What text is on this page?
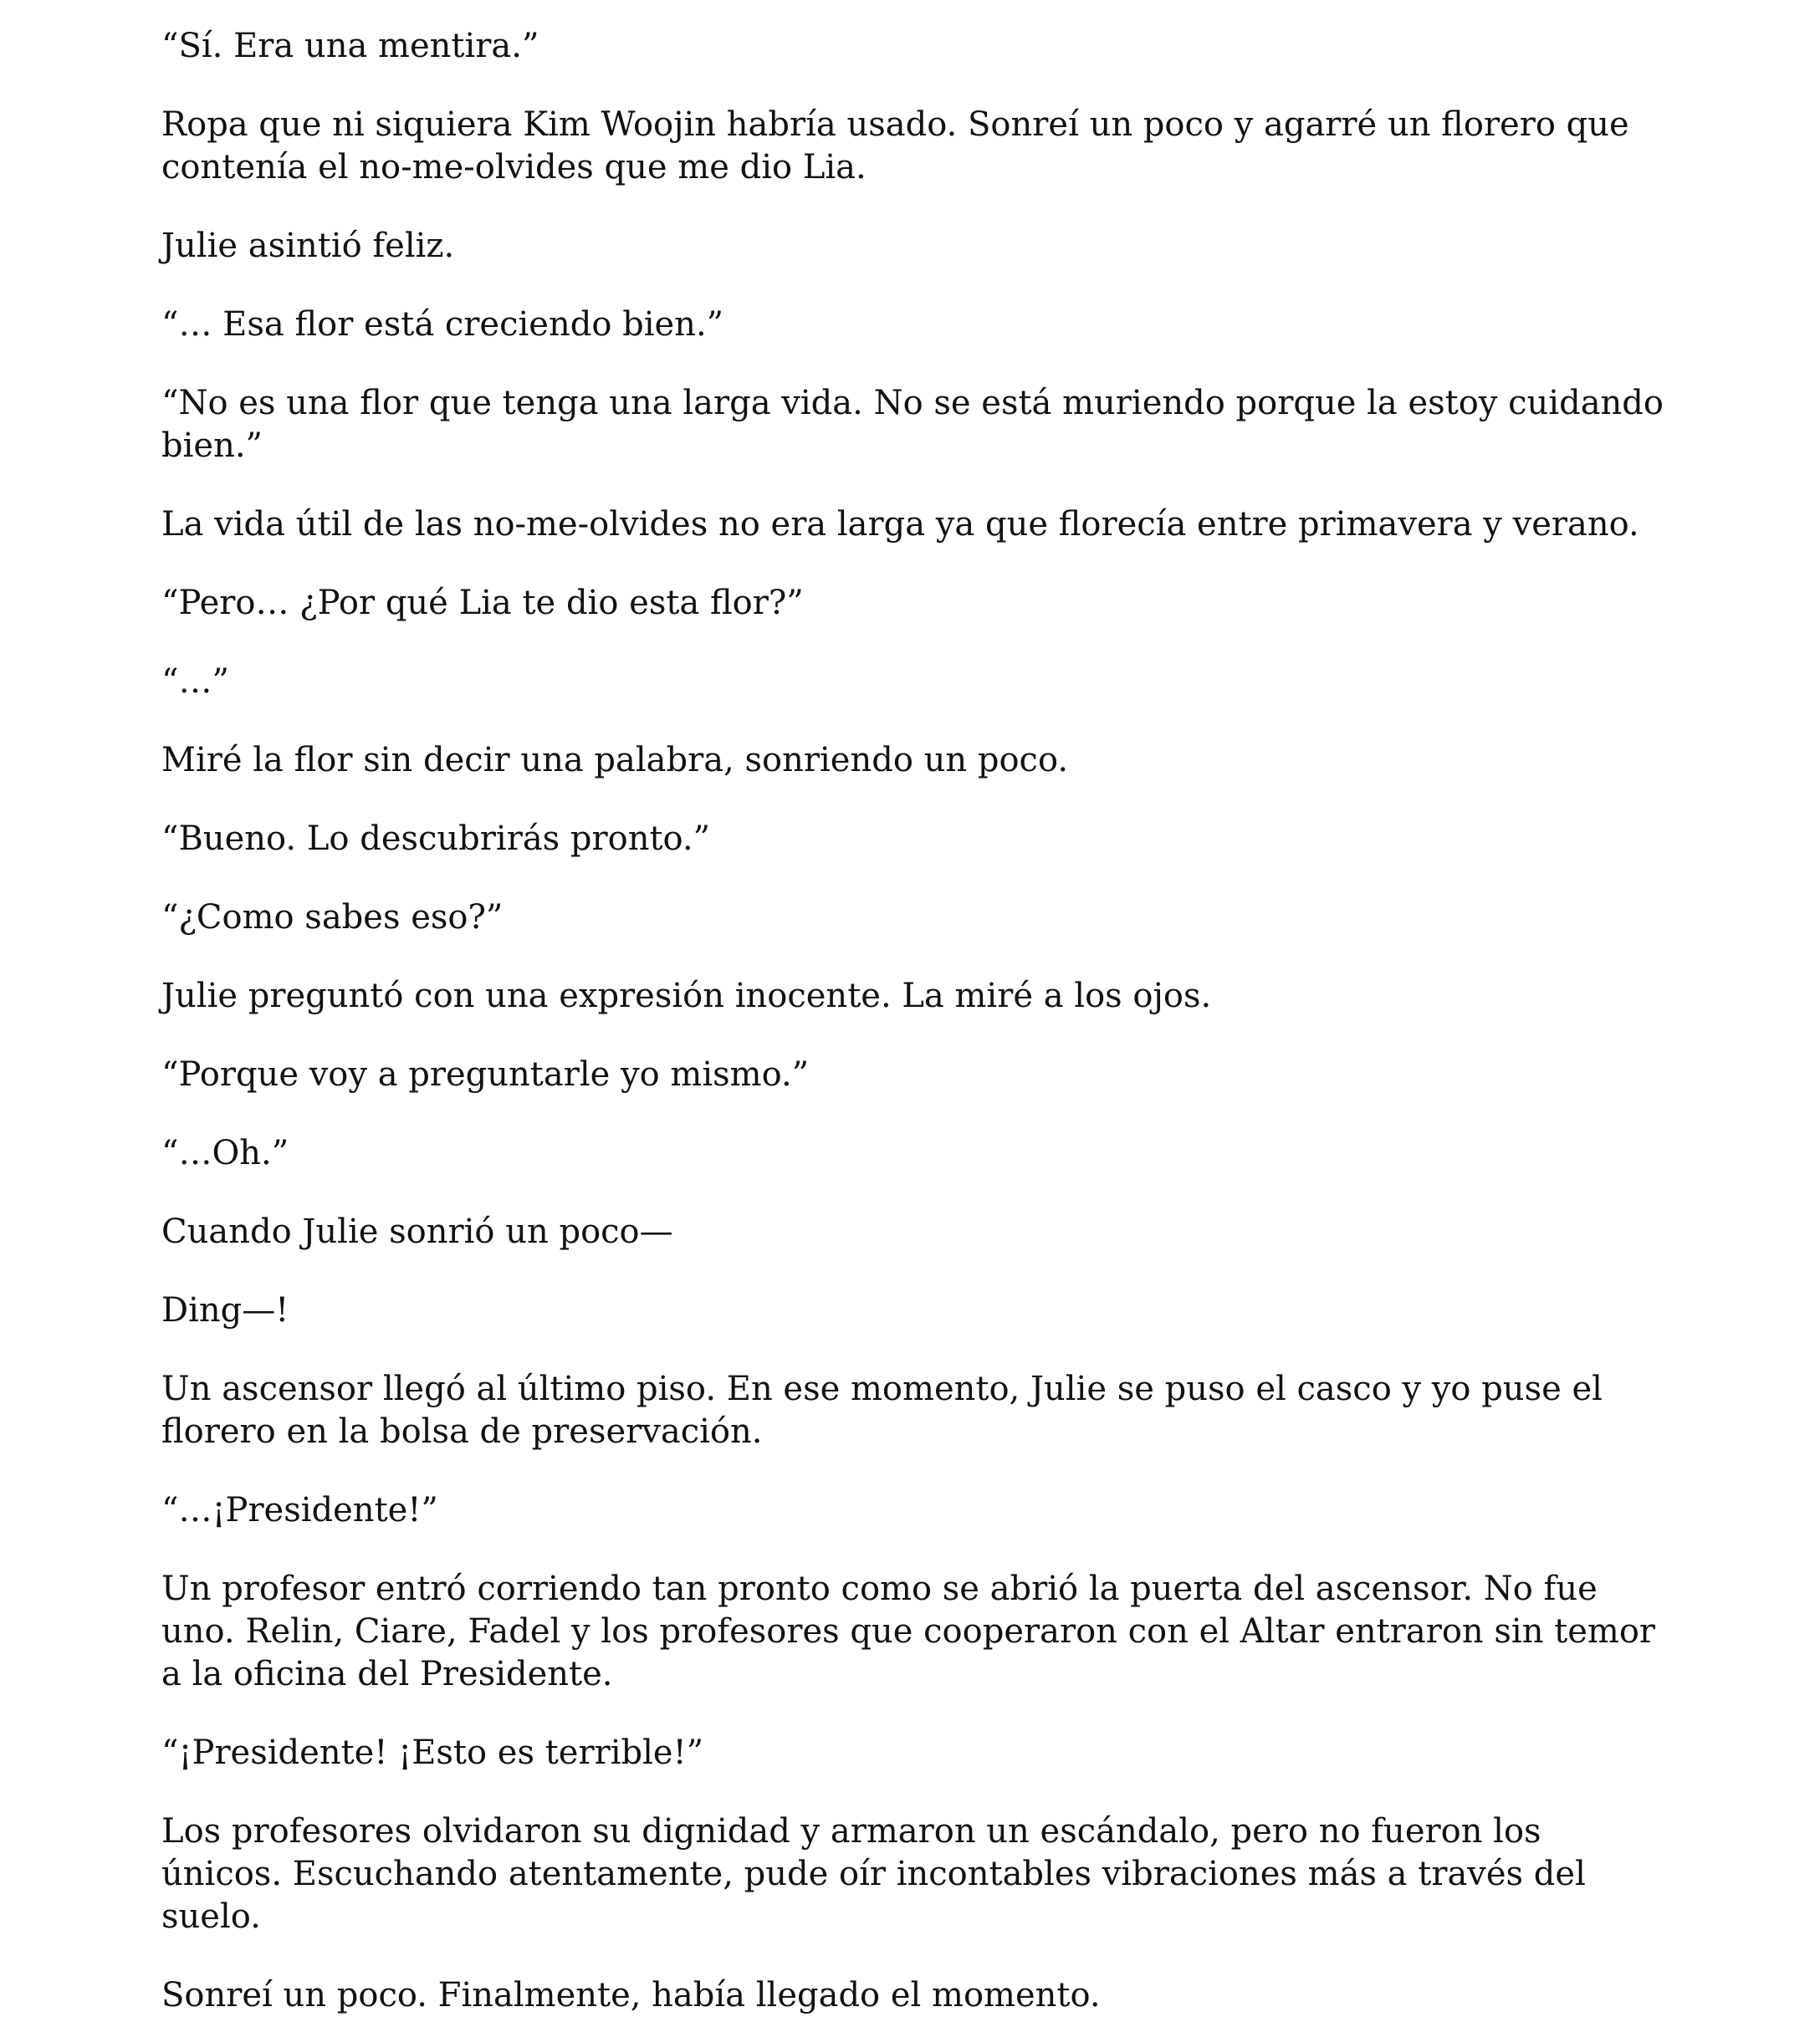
“Sí. Era una mentira.”

Ropa que ni siquiera Kim Woojin habría usado. Sonreí un poco y agarré un florero que contenía el no-me-olvides que me dio Lia.

Julie asintió feliz.

“… Esa flor está creciendo bien.”

“No es una flor que tenga una larga vida. No se está muriendo porque la estoy cuidando bien.”

La vida útil de las no-me-olvides no era larga ya que florecía entre primavera y verano.

“Pero… ¿Por qué Lia te dio esta flor?”

“…”

Miré la flor sin decir una palabra, sonriendo un poco.

“Bueno. Lo descubrirás pronto.”

“¿Como sabes eso?”

Julie preguntó con una expresión inocente. La miré a los ojos.

“Porque voy a preguntarle yo mismo.”

“…Oh.”

Cuando Julie sonrió un poco—

Ding—!

Un ascensor llegó al último piso. En ese momento, Julie se puso el casco y yo puse el florero en la bolsa de preservación.

“…¡Presidente!”

Un profesor entró corriendo tan pronto como se abrió la puerta del ascensor. No fue uno. Relin, Ciare, Fadel y los profesores que cooperaron con el Altar entraron sin temor a la oficina del Presidente.

“¡Presidente! ¡Esto es terrible!”

Los profesores olvidaron su dignidad y armaron un escándalo, pero no fueron los únicos. Escuchando atentamente, pude oír incontables vibraciones más a través del suelo.

Sonreí un poco. Finalmente, había llegado el momento.
